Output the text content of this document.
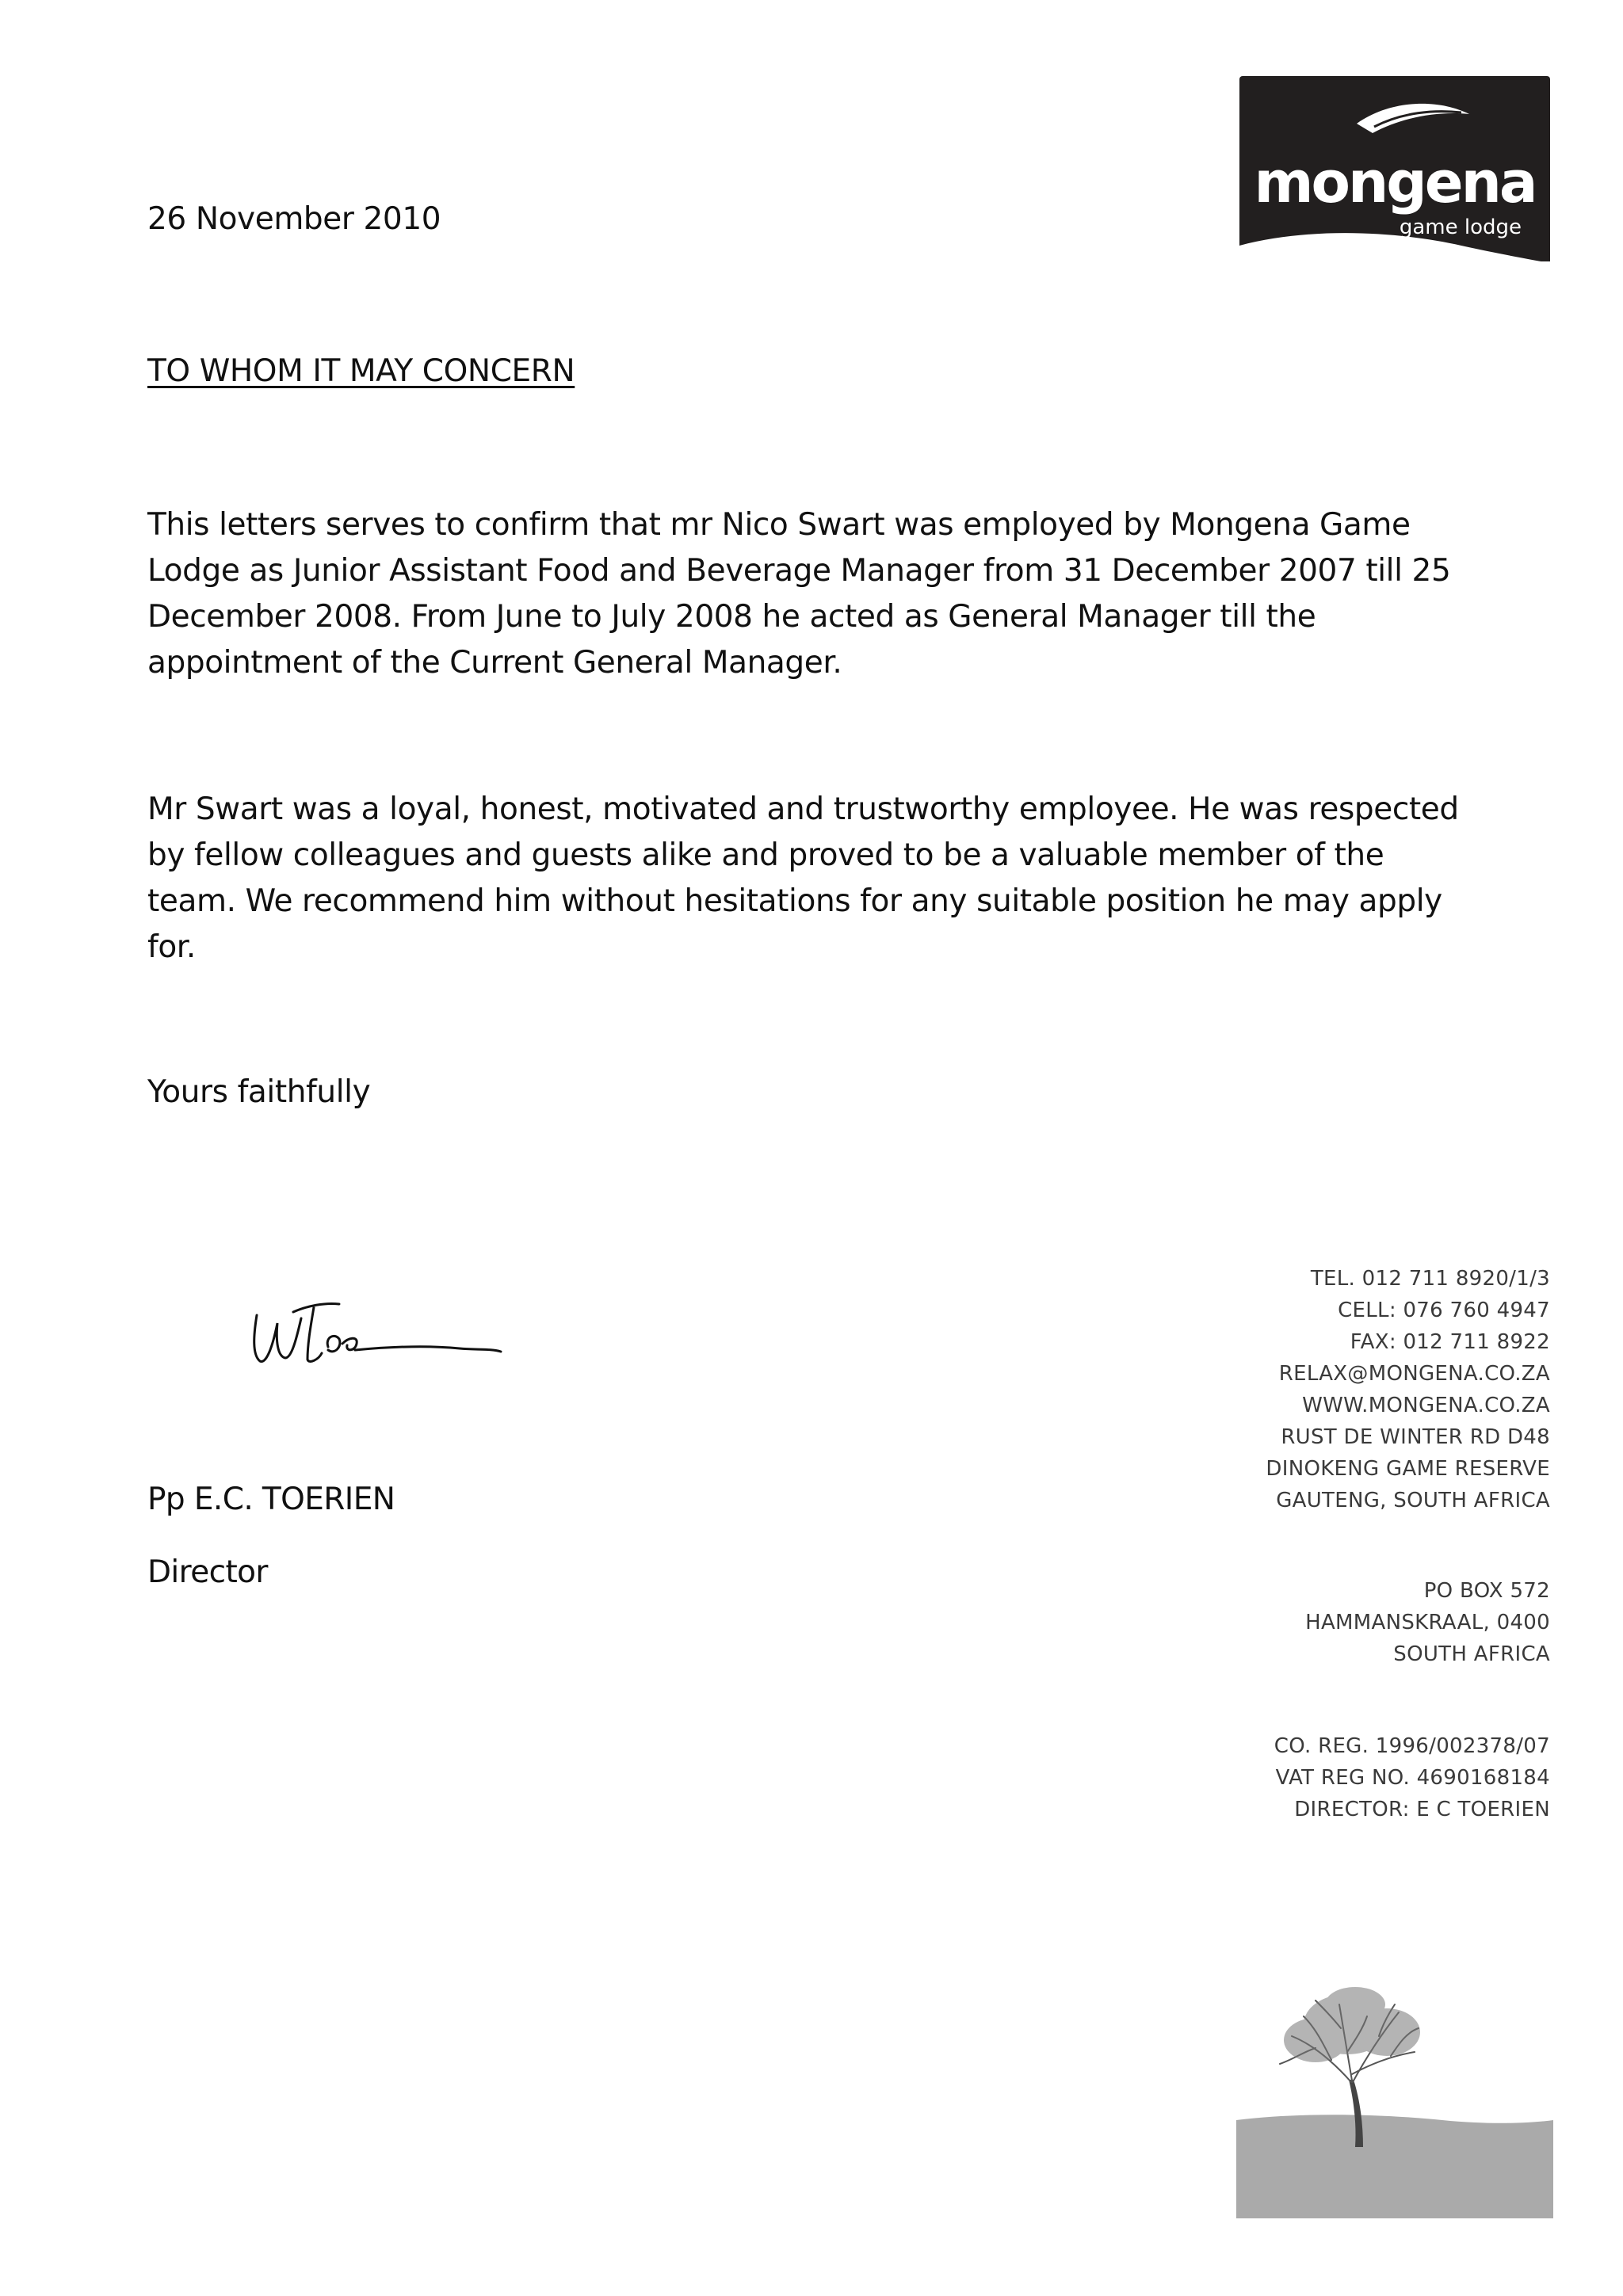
mongena
game lodge
26 November 2010
TO WHOM IT MAY CONCERN
This letters serves to confirm that mr Nico Swart was employed by Mongena Game
Lodge as Junior Assistant Food and Beverage Manager from 31 December 2007 till 25
December 2008. From June to July 2008 he acted as General Manager till the
appointment of the Current General Manager.
Mr Swart was a loyal, honest, motivated and trustworthy employee. He was respected
by fellow colleagues and guests alike and proved to be a valuable member of the
team. We recommend him without hesitations for any suitable position he may apply
for.
Yours faithfully
Pp E.C. TOERIEN
Director
TEL. 012 711 8920/1/3
CELL: 076 760 4947
FAX: 012 711 8922
RELAX@MONGENA.CO.ZA
WWW.MONGENA.CO.ZA
RUST DE WINTER RD D48
DINOKENG GAME RESERVE
GAUTENG, SOUTH AFRICA
PO BOX 572
HAMMANSKRAAL, 0400
SOUTH AFRICA
CO. REG. 1996/002378/07
VAT REG NO. 4690168184
DIRECTOR: E C TOERIEN
